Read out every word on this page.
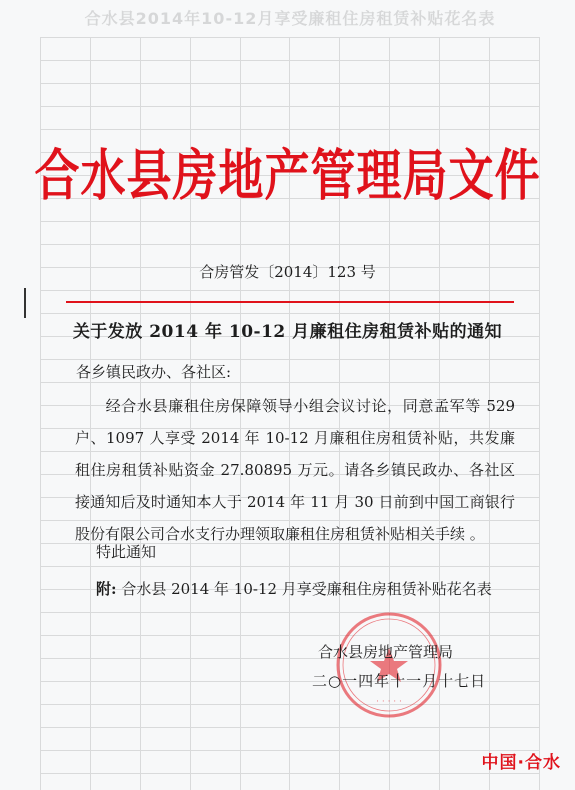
合水县2014年10-12月享受廉租住房租赁补贴花名表

合水县房地产管理局文件
合房管发〔2014〕123 号
关于发放 2014 年 10-12 月廉租住房租赁补贴的通知
各乡镇民政办、各社区:

经合水县廉租住房保障领导小组会议讨论，同意孟军等 529 户、1097 人享受 2014 年 10-12 月廉租住房租赁补贴，共发廉租住房租赁补贴资金 27.80895 万元。请各乡镇民政办、各社区接通知后及时通知本人于 2014 年 11 月 30 日前到中国工商银行股份有限公司合水支行办理领取廉租住房租赁补贴相关手续 。

特此通知
附: 合水县 2014 年 10-12 月享受廉租住房租赁补贴花名表
· · · · ·
合水县房地产管理局
二○一四年十一月十七日
中国·合水
